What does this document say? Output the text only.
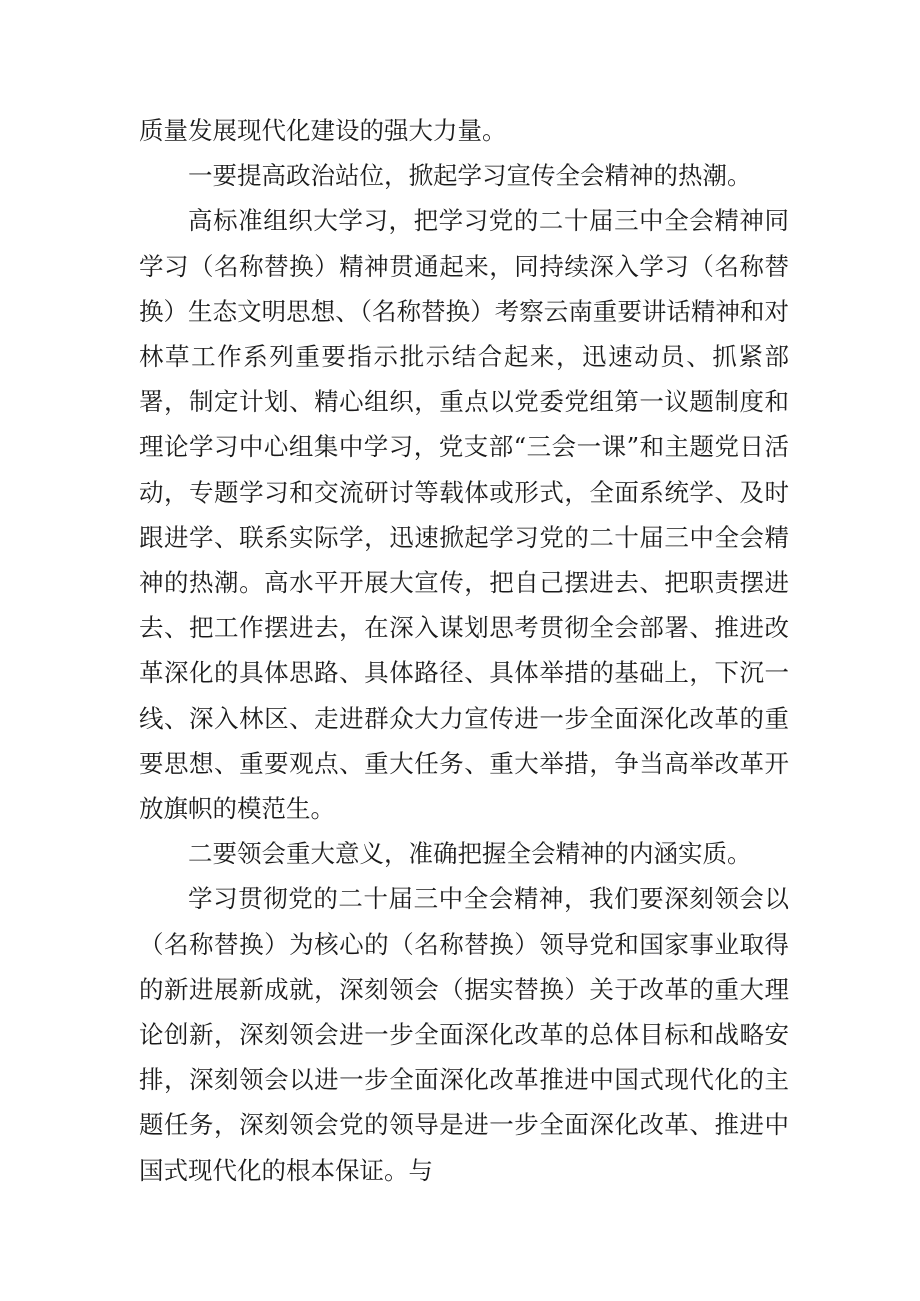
质量发展现代化建设的强大力量。

一要提高政治站位，掀起学习宣传全会精神的热潮。

高标准组织大学习，把学习党的二十届三中全会精神同学习（名称替换）精神贯通起来，同持续深入学习（名称替换）生态文明思想、（名称替换）考察云南重要讲话精神和对林草工作系列重要指示批示结合起来，迅速动员、抓紧部署，制定计划、精心组织，重点以党委党组第一议题制度和理论学习中心组集中学习，党支部“三会一课”和主题党日活动，专题学习和交流研讨等载体或形式，全面系统学、及时跟进学、联系实际学，迅速掀起学习党的二十届三中全会精神的热潮。高水平开展大宣传，把自己摆进去、把职责摆进去、把工作摆进去，在深入谋划思考贯彻全会部署、推进改革深化的具体思路、具体路径、具体举措的基础上，下沉一线、深入林区、走进群众大力宣传进一步全面深化改革的重要思想、重要观点、重大任务、重大举措，争当高举改革开放旗帜的模范生。

二要领会重大意义，准确把握全会精神的内涵实质。

学习贯彻党的二十届三中全会精神，我们要深刻领会以（名称替换）为核心的（名称替换）领导党和国家事业取得的新进展新成就，深刻领会（据实替换）关于改革的重大理论创新，深刻领会进一步全面深化改革的总体目标和战略安排，深刻领会以进一步全面深化改革推进中国式现代化的主题任务，深刻领会党的领导是进一步全面深化改革、推进中国式现代化的根本保证。与
